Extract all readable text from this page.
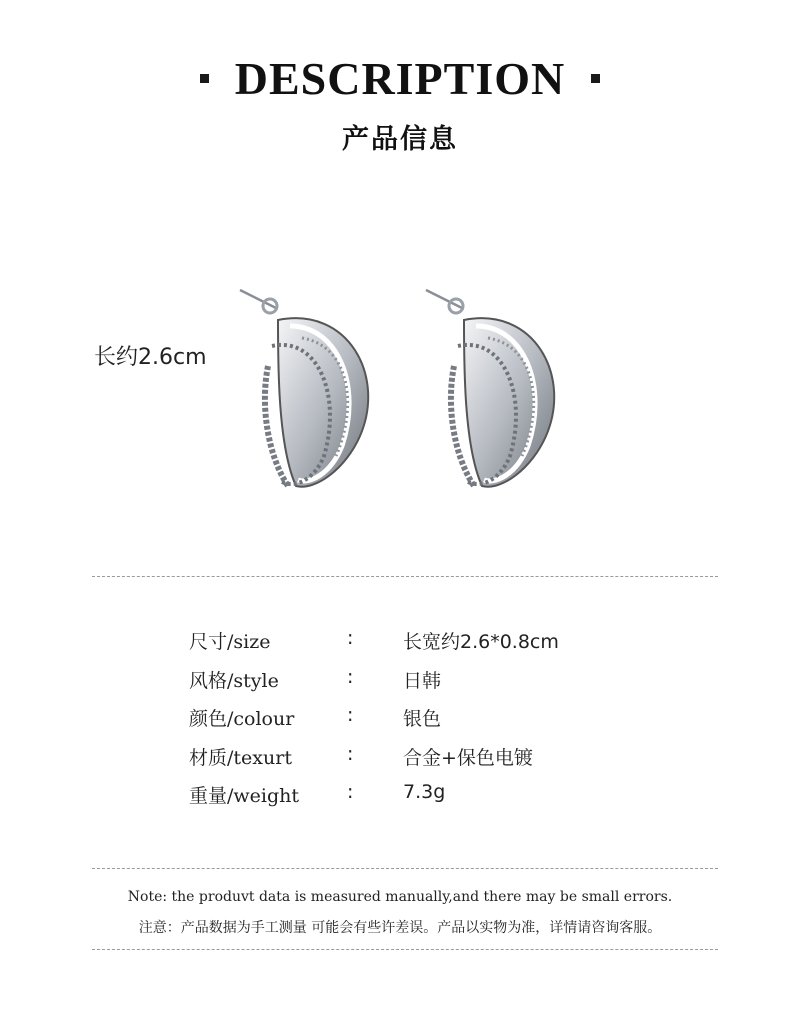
DESCRIPTION
产品信息
长约2.6cm
尺寸/size	:	长宽约2.6*0.8cm
风格/style	:	日韩
颜色/colour	:	银色
材质/texurt	:	合金+保色电镀
重量/weight	:	7.3g
Note: the produvt data is measured manually,and there may be small errors.
注意：产品数据为手工测量 可能会有些许差误。产品以实物为准，详情请咨询客服。
